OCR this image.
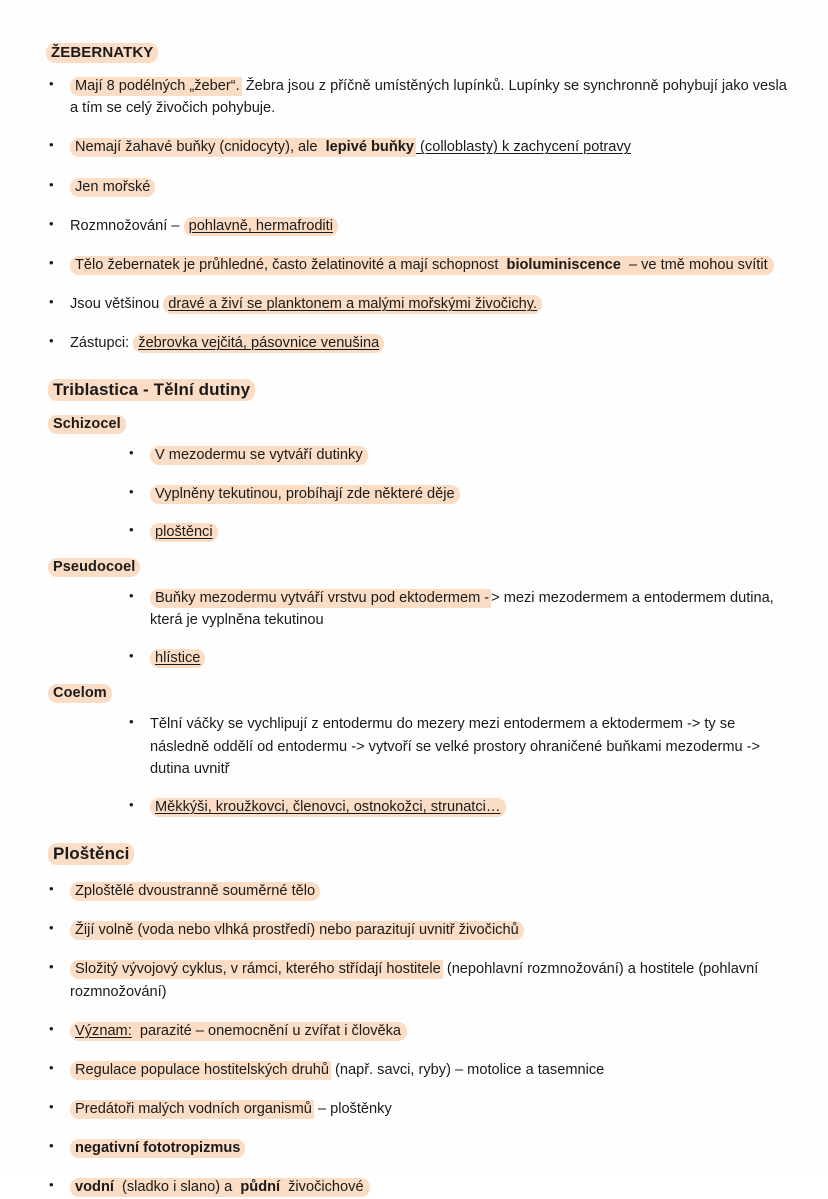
ŽEBERNATKY
• Mají 8 podélných „žeber“. Žebra jsou z příčně umístěných lupínků. Lupínky se synchronně pohybují jako vesla a tím se celý živočich pohybuje.
• Nemají žahavé buňky (cnidocyty), ale lepivé buňky (colloblasty) k zachycení potravy
• Jen mořské
• Rozmnožování – pohlavně, hermafroditi
• Tělo žebernatek je průhledné, často želatinovité a mají schopnost bioluminiscence – ve tmě mohou svítit
• Jsou většinou dravé a živí se planktonem a malými mořskými živočichy.
• Zástupci: žebrovka vejčitá, pásovnice venušina
Triblastica - Tělní dutiny
Schizocel
• V mezodermu se vytváří dutinky
• Vyplněny tekutinou, probíhají zde některé děje
• ploštěnci
Pseudocoel
• Buňky mezodermu vytváří vrstvu pod ektodermem - > mezi mezodermem a entodermem dutina, která je vyplněna tekutinou
• hlístice
Coelom
• Tělní váčky se vychlipují z entodermu do mezery mezi entodermem a ektodermem -> ty se následně oddělí od entodermu -> vytvoří se velké prostory ohraničené buňkami mezodermu -> dutina uvnitř
• Měkkýši, kroužkovci, členovci, ostnokožci, strunatci…
Ploštěnci
• Zploštělé dvoustranně souměrné tělo
• Žijí volně (voda nebo vlhká prostředí) nebo parazitují uvnitř živočichů
• Složitý vývojový cyklus, v rámci, kterého střídají hostitele (nepohlavní rozmnožování) a hostitele (pohlavní rozmnožování)
• Význam: parazité – onemocnění u zvířat i člověka
• Regulace populace hostitelských druhů (např. savci, ryby) – motolice a tasemnice
• Predátoři malých vodních organismů – ploštěnky
• negativní fototropizmus
• vodní (sladko i slano) a půdní živočichové
